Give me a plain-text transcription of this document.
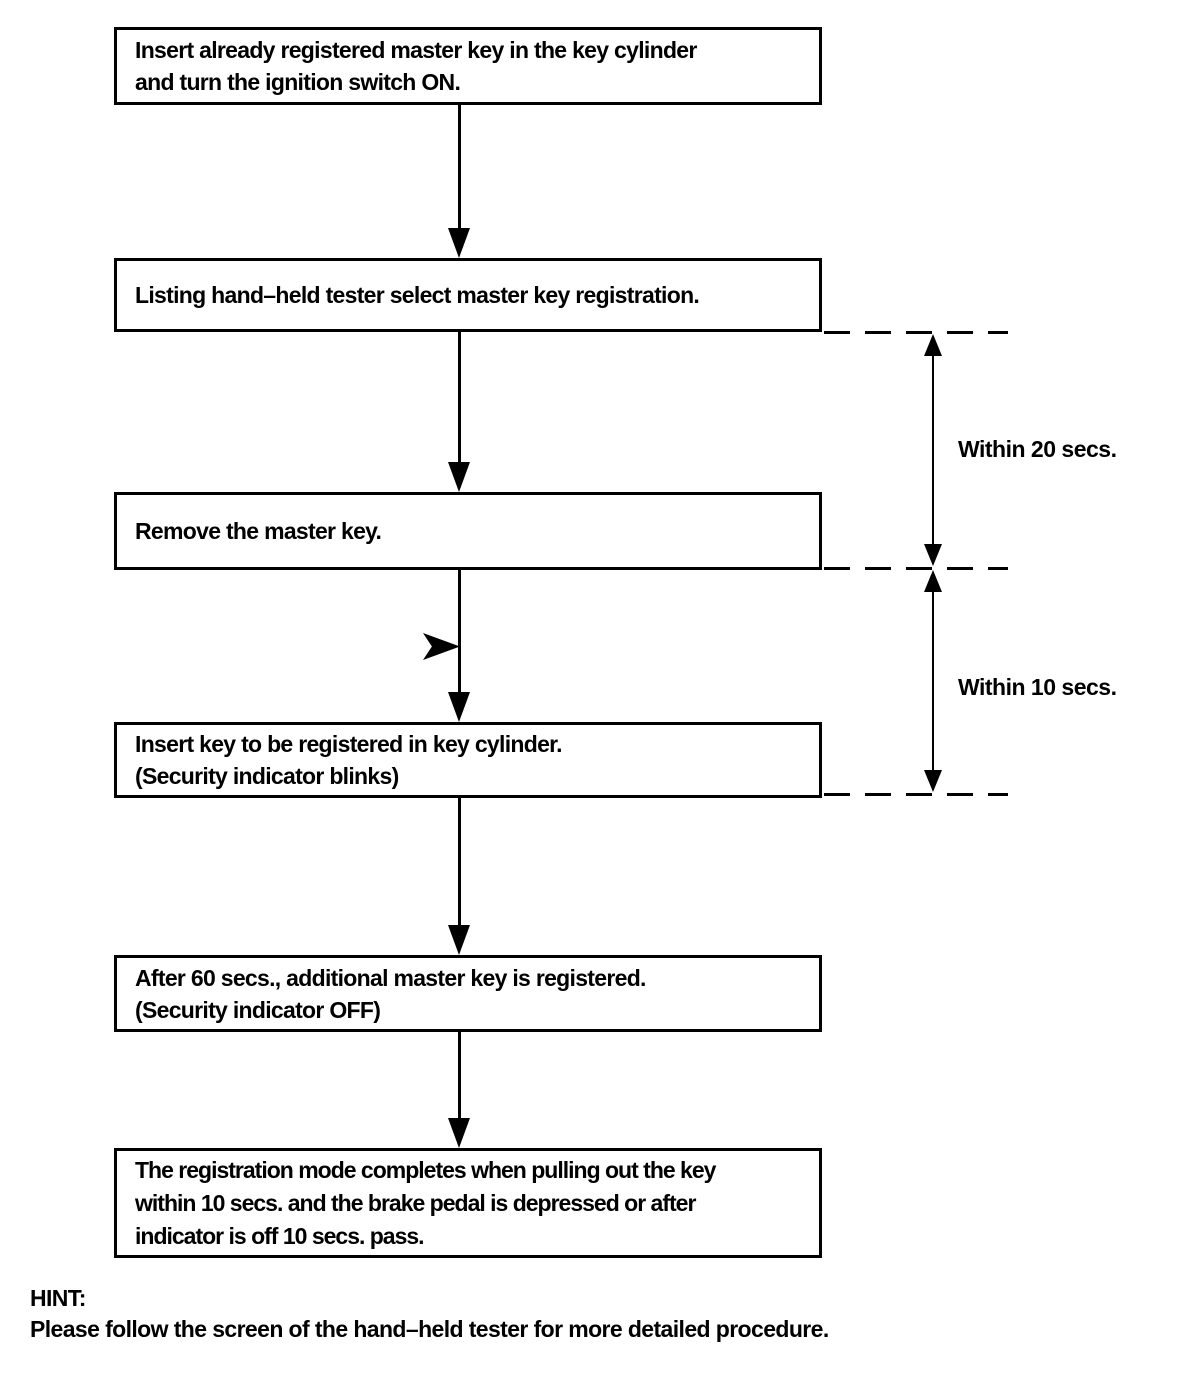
Insert already registered master key in the key cylinder
and turn the ignition switch ON.
Listing hand–held tester select master key registration.
Remove the master key.
Insert key to be registered in key cylinder.
(Security indicator blinks)
After 60 secs., additional master key is registered.
(Security indicator OFF)
The registration mode completes when pulling out the key
within 10 secs. and the brake pedal is depressed or after
indicator is off 10 secs. pass.
Within 20 secs.
Within 10 secs.
HINT:
Please follow the screen of the hand–held tester for more detailed procedure.
